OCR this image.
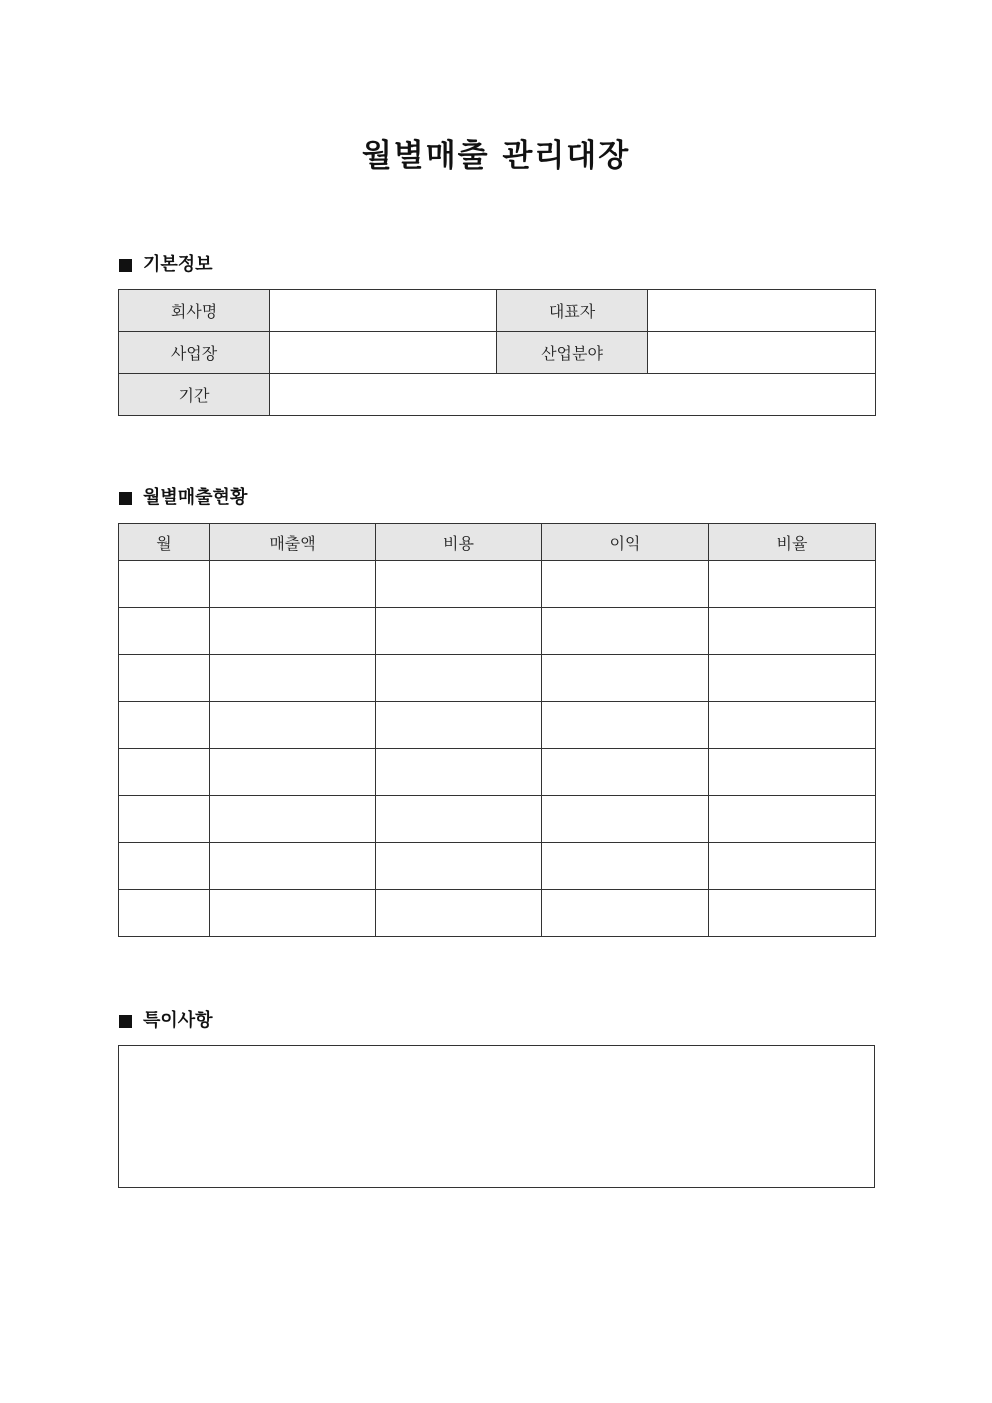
월별매출 관리대장
기본정보
회사명		대표자	
사업장		산업분야	
기간			
월별매출현황
월	매출액	비용	이익	비율

특이사항
